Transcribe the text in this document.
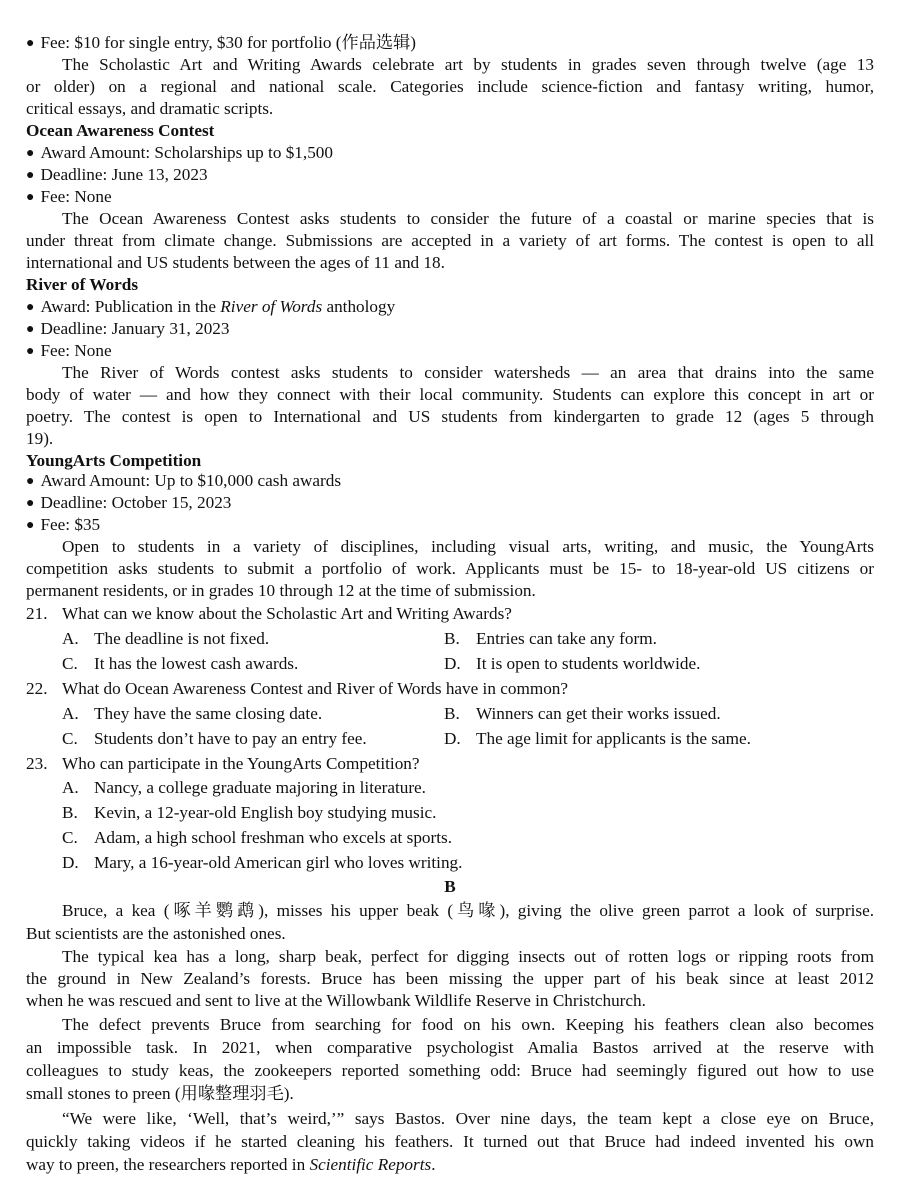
● Fee: $10 for single entry, $30 for portfolio (作品选辑)
The Scholastic Art and Writing Awards celebrate art by students in grades seven through twelve (age 13
or older) on a regional and national scale. Categories include science-fiction and fantasy writing, humor,
critical essays, and dramatic scripts.
Ocean Awareness Contest
● Award Amount: Scholarships up to $1,500
● Deadline: June 13, 2023
● Fee: None
The Ocean Awareness Contest asks students to consider the future of a coastal or marine species that is
under threat from climate change. Submissions are accepted in a variety of art forms. The contest is open to all
international and US students between the ages of 11 and 18.
River of Words
● Award: Publication in the River of Words anthology
● Deadline: January 31, 2023
● Fee: None
The River of Words contest asks students to consider watersheds — an area that drains into the same
body of water — and how they connect with their local community. Students can explore this concept in art or
poetry. The contest is open to International and US students from kindergarten to grade 12 (ages 5 through
19).
YoungArts Competition
● Award Amount: Up to $10,000 cash awards
● Deadline: October 15, 2023
● Fee: $35
Open to students in a variety of disciplines, including visual arts, writing, and music, the YoungArts
competition asks students to submit a portfolio of work. Applicants must be 15- to 18-year-old US citizens or
permanent residents, or in grades 10 through 12 at the time of submission.
21. What can we know about the Scholastic Art and Writing Awards?
A. The deadline is not fixed.	B. Entries can take any form.
C. It has the lowest cash awards.	D. It is open to students worldwide.
22. What do Ocean Awareness Contest and River of Words have in common?
A. They have the same closing date.	B. Winners can get their works issued.
C. Students don’t have to pay an entry fee.	D. The age limit for applicants is the same.
23. Who can participate in the YoungArts Competition?
A. Nancy, a college graduate majoring in literature.
B. Kevin, a 12-year-old English boy studying music.
C. Adam, a high school freshman who excels at sports.
D. Mary, a 16-year-old American girl who loves writing.
B
Bruce, a kea (啄羊鹦鹉), misses his upper beak (鸟喙), giving the olive green parrot a look of surprise.
But scientists are the astonished ones.
The typical kea has a long, sharp beak, perfect for digging insects out of rotten logs or ripping roots from
the ground in New Zealand’s forests. Bruce has been missing the upper part of his beak since at least 2012
when he was rescued and sent to live at the Willowbank Wildlife Reserve in Christchurch.
The defect prevents Bruce from searching for food on his own. Keeping his feathers clean also becomes
an impossible task. In 2021, when comparative psychologist Amalia Bastos arrived at the reserve with
colleagues to study keas, the zookeepers reported something odd: Bruce had seemingly figured out how to use
small stones to preen (用喙整理羽毛).
“We were like, ‘Well, that’s weird,’” says Bastos. Over nine days, the team kept a close eye on Bruce,
quickly taking videos if he started cleaning his feathers. It turned out that Bruce had indeed invented his own
way to preen, the researchers reported in Scientific Reports.
